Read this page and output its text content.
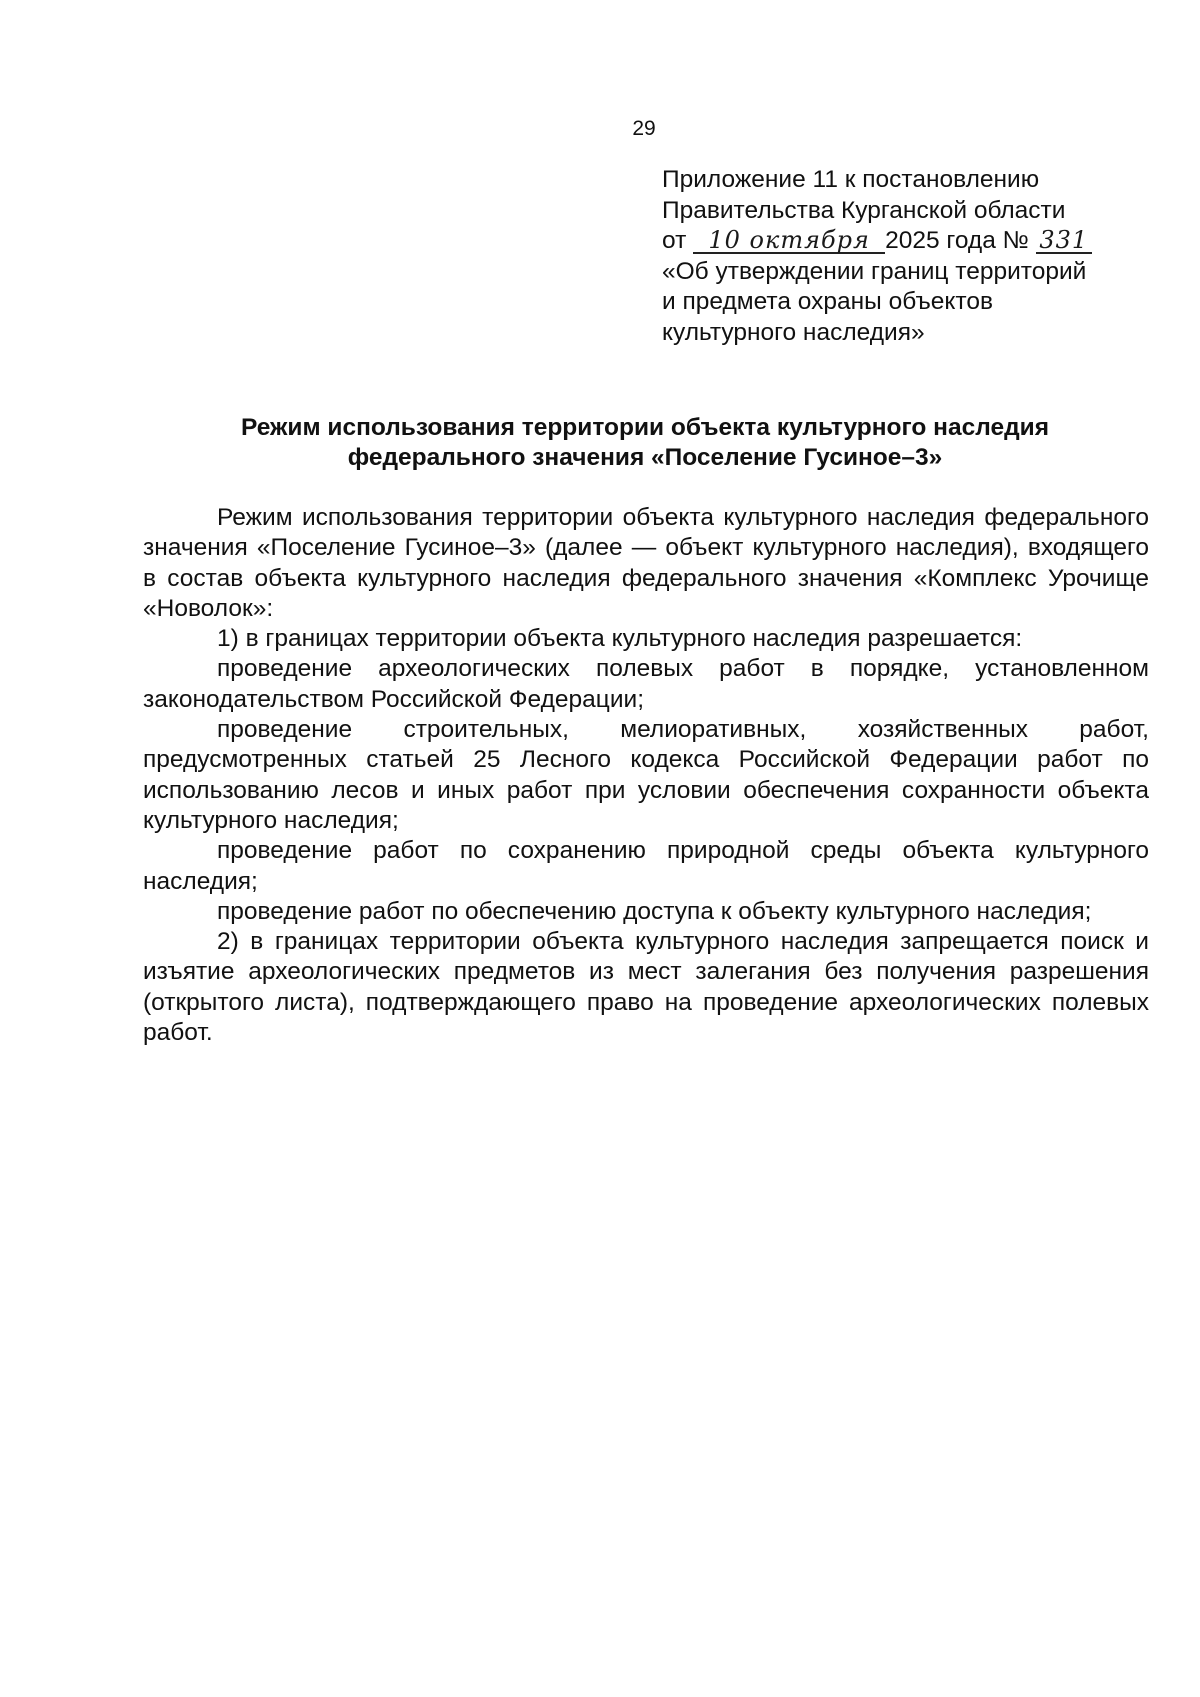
29
Приложение 11 к постановлению
Правительства Курганской области
от 10 октября 2025 года № 331
«Об утверждении границ территорий
и предмета охраны объектов
культурного наследия»
Режим использования территории объекта культурного наследия
федерального значения «Поселение Гусиное–3»

Режим использования территории объекта культурного наследия федерального значения «Поселение Гусиное–3» (далее — объект культурного наследия), входящего в состав объекта культурного наследия федерального значения «Комплекс Урочище «Новолок»:

1) в границах территории объекта культурного наследия разрешается:

проведение археологических полевых работ в порядке, установленном законодательством Российской Федерации;

проведение строительных, мелиоративных, хозяйственных работ, предусмотренных статьей 25 Лесного кодекса Российской Федерации работ по использованию лесов и иных работ при условии обеспечения сохранности объекта культурного наследия;

проведение работ по сохранению природной среды объекта культурного наследия;

проведение работ по обеспечению доступа к объекту культурного наследия;

2) в границах территории объекта культурного наследия запрещается поиск и изъятие археологических предметов из мест залегания без получения разрешения (открытого листа), подтверждающего право на проведение археологических полевых работ.
